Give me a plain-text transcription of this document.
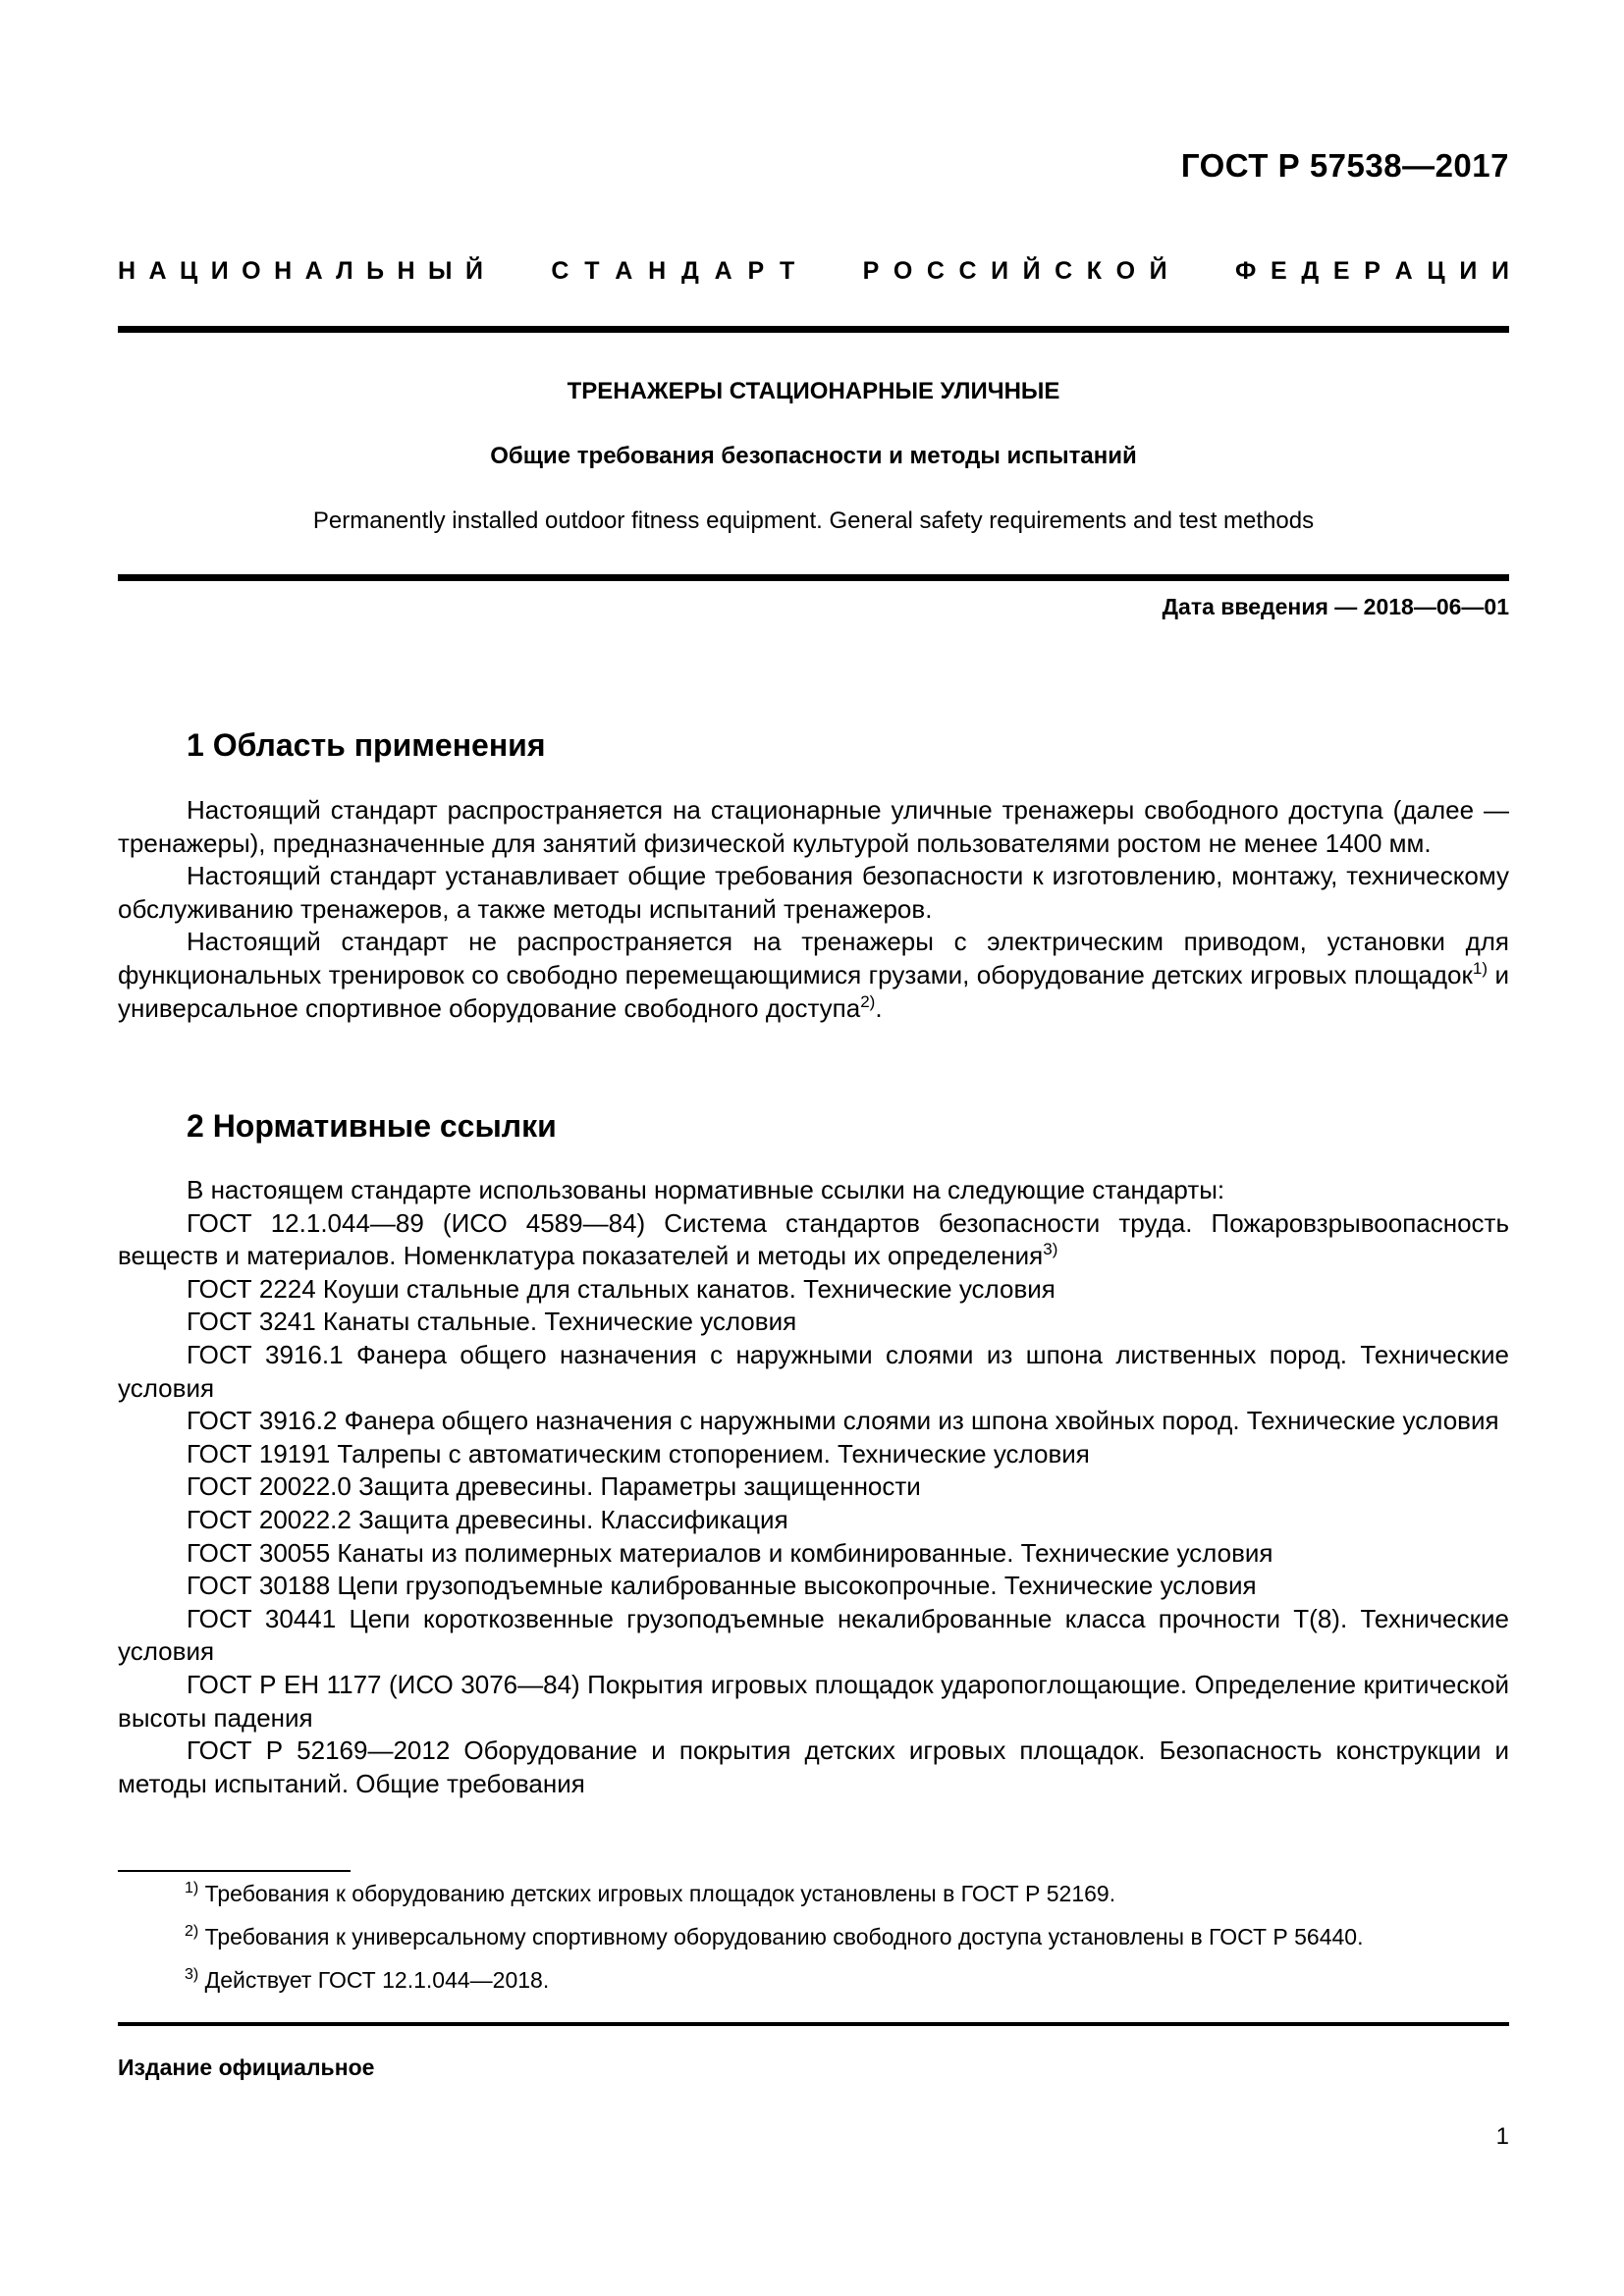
ГОСТ Р 57538—2017
Н А Ц И О Н А Л Ь Н Ы Й	С Т А Н Д А Р Т	Р О С С И Й С К О Й	Ф Е Д Е Р А Ц И И
ТРЕНАЖЕРЫ СТАЦИОНАРНЫЕ УЛИЧНЫЕ
Общие требования безопасности и методы испытаний
Permanently installed outdoor fitness equipment. General safety requirements and test methods
Дата введения — 2018—06—01
1 Область применения

Настоящий стандарт распространяется на стационарные уличные тренажеры свободного доступа (далее — тренажеры), предназначенные для занятий физической культурой пользователями ростом не менее 1400 мм.

Настоящий стандарт устанавливает общие требования безопасности к изготовлению, монтажу, техническому обслуживанию тренажеров, а также методы испытаний тренажеров.

Настоящий стандарт не распространяется на тренажеры с электрическим приводом, установки для функциональных тренировок со свободно перемещающимися грузами, оборудование детских игровых площадок$^{1)}$ и универсальное спортивное оборудование свободного доступа$^{2)}$.

2 Нормативные ссылки

В настоящем стандарте использованы нормативные ссылки на следующие стандарты:

ГОСТ 12.1.044—89 (ИСО 4589—84) Система стандартов безопасности труда. Пожаровзрывоопасность веществ и материалов. Номенклатура показателей и методы их определения$^{3)}$

ГОСТ 2224 Коуши стальные для стальных канатов. Технические условия

ГОСТ 3241 Канаты стальные. Технические условия

ГОСТ 3916.1 Фанера общего назначения с наружными слоями из шпона лиственных пород. Технические условия

ГОСТ 3916.2 Фанера общего назначения с наружными слоями из шпона хвойных пород. Технические условия

ГОСТ 19191 Талрепы с автоматическим стопорением. Технические условия

ГОСТ 20022.0 Защита древесины. Параметры защищенности

ГОСТ 20022.2 Защита древесины. Классификация

ГОСТ 30055 Канаты из полимерных материалов и комбинированные. Технические условия

ГОСТ 30188 Цепи грузоподъемные калиброванные высокопрочные. Технические условия

ГОСТ 30441 Цепи короткозвенные грузоподъемные некалиброванные класса прочности Т(8). Технические условия

ГОСТ Р ЕН 1177 (ИСО 3076—84) Покрытия игровых площадок ударопоглощающие. Определение критической высоты падения

ГОСТ Р 52169—2012 Оборудование и покрытия детских игровых площадок. Безопасность конструкции и методы испытаний. Общие требования

$^{1)}$ Требования к оборудованию детских игровых площадок установлены в ГОСТ Р 52169.

$^{2)}$ Требования к универсальному спортивному оборудованию свободного доступа установлены в ГОСТ Р 56440.

$^{3)}$ Действует ГОСТ 12.1.044—2018.

Издание официальное
1
